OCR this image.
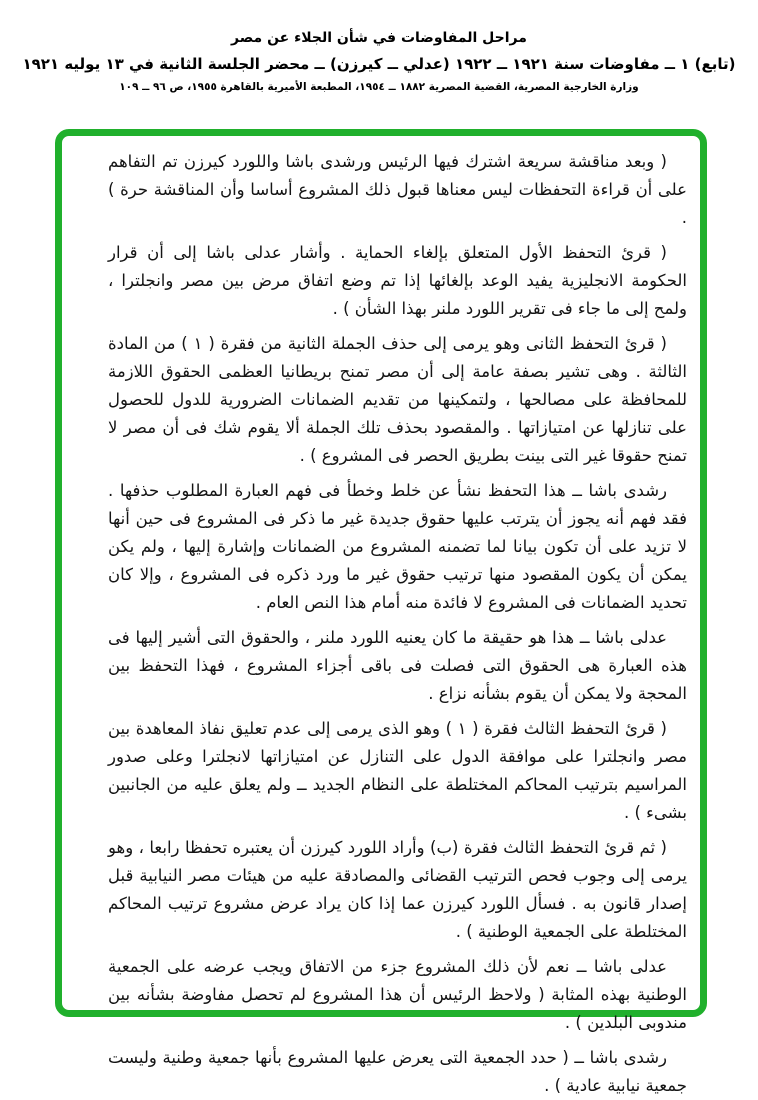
مراحل المفاوضات في شأن الجلاء عن مصر
(تابع) ١ ــ مفاوضات سنة ١٩٢١ ــ ١٩٢٢ (عدلي ــ كيرزن) ــ محضر الجلسة الثانية في ١٣ يوليه ١٩٢١
وزارة الخارجية المصرية، القضية المصرية ١٨٨٢ ــ ١٩٥٤، المطبعة الأميرية بالقاهرة ١٩٥٥، ص ٩٦ ــ ١٠٩

( وبعد مناقشة سريعة اشترك فيها الرئيس ورشدى باشا واللورد كيرزن تم التفاهم على أن قراءة التحفظات ليس معناها قبول ذلك المشروع أساسا وأن المناقشة حرة ) .

( قرئ التحفظ الأول المتعلق بإلغاء الحماية . وأشار عدلى باشا إلى أن قرار الحكومة الانجليزية يفيد الوعد بإلغائها إذا تم وضع اتفاق مرض بين مصر وانجلترا ، ولمح إلى ما جاء فى تقرير اللورد ملنر بهذا الشأن ) .

( قرئ التحفظ الثانى وهو يرمى إلى حذف الجملة الثانية من فقرة ( ١ ) من المادة الثالثة . وهى تشير بصفة عامة إلى أن مصر تمنح بريطانيا العظمى الحقوق اللازمة للمحافظة على مصالحها ، ولتمكينها من تقديم الضمانات الضرورية للدول للحصول على تنازلها عن امتيازاتها . والمقصود بحذف تلك الجملة ألا يقوم شك فى أن مصر لا تمنح حقوقا غير التى بينت بطريق الحصر فى المشروع ) .

رشدى باشا ــ هذا التحفظ نشأ عن خلط وخطأ فى فهم العبارة المطلوب حذفها . فقد فهم أنه يجوز أن يترتب عليها حقوق جديدة غير ما ذكر فى المشروع فى حين أنها لا تزيد على أن تكون بيانا لما تضمنه المشروع من الضمانات وإشارة إليها ، ولم يكن يمكن أن يكون المقصود منها ترتيب حقوق غير ما ورد ذكره فى المشروع ، وإلا كان تحديد الضمانات فى المشروع لا فائدة منه أمام هذا النص العام .

عدلى باشا ــ هذا هو حقيقة ما كان يعنيه اللورد ملنر ، والحقوق التى أشير إليها فى هذه العبارة هى الحقوق التى فصلت فى باقى أجزاء المشروع ، فهذا التحفظ بين المحجة ولا يمكن أن يقوم بشأنه نزاع .

( قرئ التحفظ الثالث فقرة ( ١ ) وهو الذى يرمى إلى عدم تعليق نفاذ المعاهدة بين مصر وانجلترا على موافقة الدول على التنازل عن امتيازاتها لانجلترا وعلى صدور المراسيم بترتيب المحاكم المختلطة على النظام الجديد ــ ولم يعلق عليه من الجانبين بشىء ) .

( ثم قرئ التحفظ الثالث فقرة (ب) وأراد اللورد كيرزن أن يعتبره تحفظا رابعا ، وهو يرمى إلى وجوب فحص الترتيب القضائى والمصادقة عليه من هيئات مصر النيابية قبل إصدار قانون به . فسأل اللورد كيرزن عما إذا كان يراد عرض مشروع ترتيب المحاكم المختلطة على الجمعية الوطنية ) .

عدلى باشا ــ نعم لأن ذلك المشروع جزء من الاتفاق ويجب عرضه على الجمعية الوطنية بهذه المثابة ( ولاحظ الرئيس أن هذا المشروع لم تحصل مفاوضة بشأنه بين مندوبى البلدين ) .

رشدى باشا ــ ( حدد الجمعية التى يعرض عليها المشروع بأنها جمعية وطنية وليست جمعية نيابية عادية ) .
